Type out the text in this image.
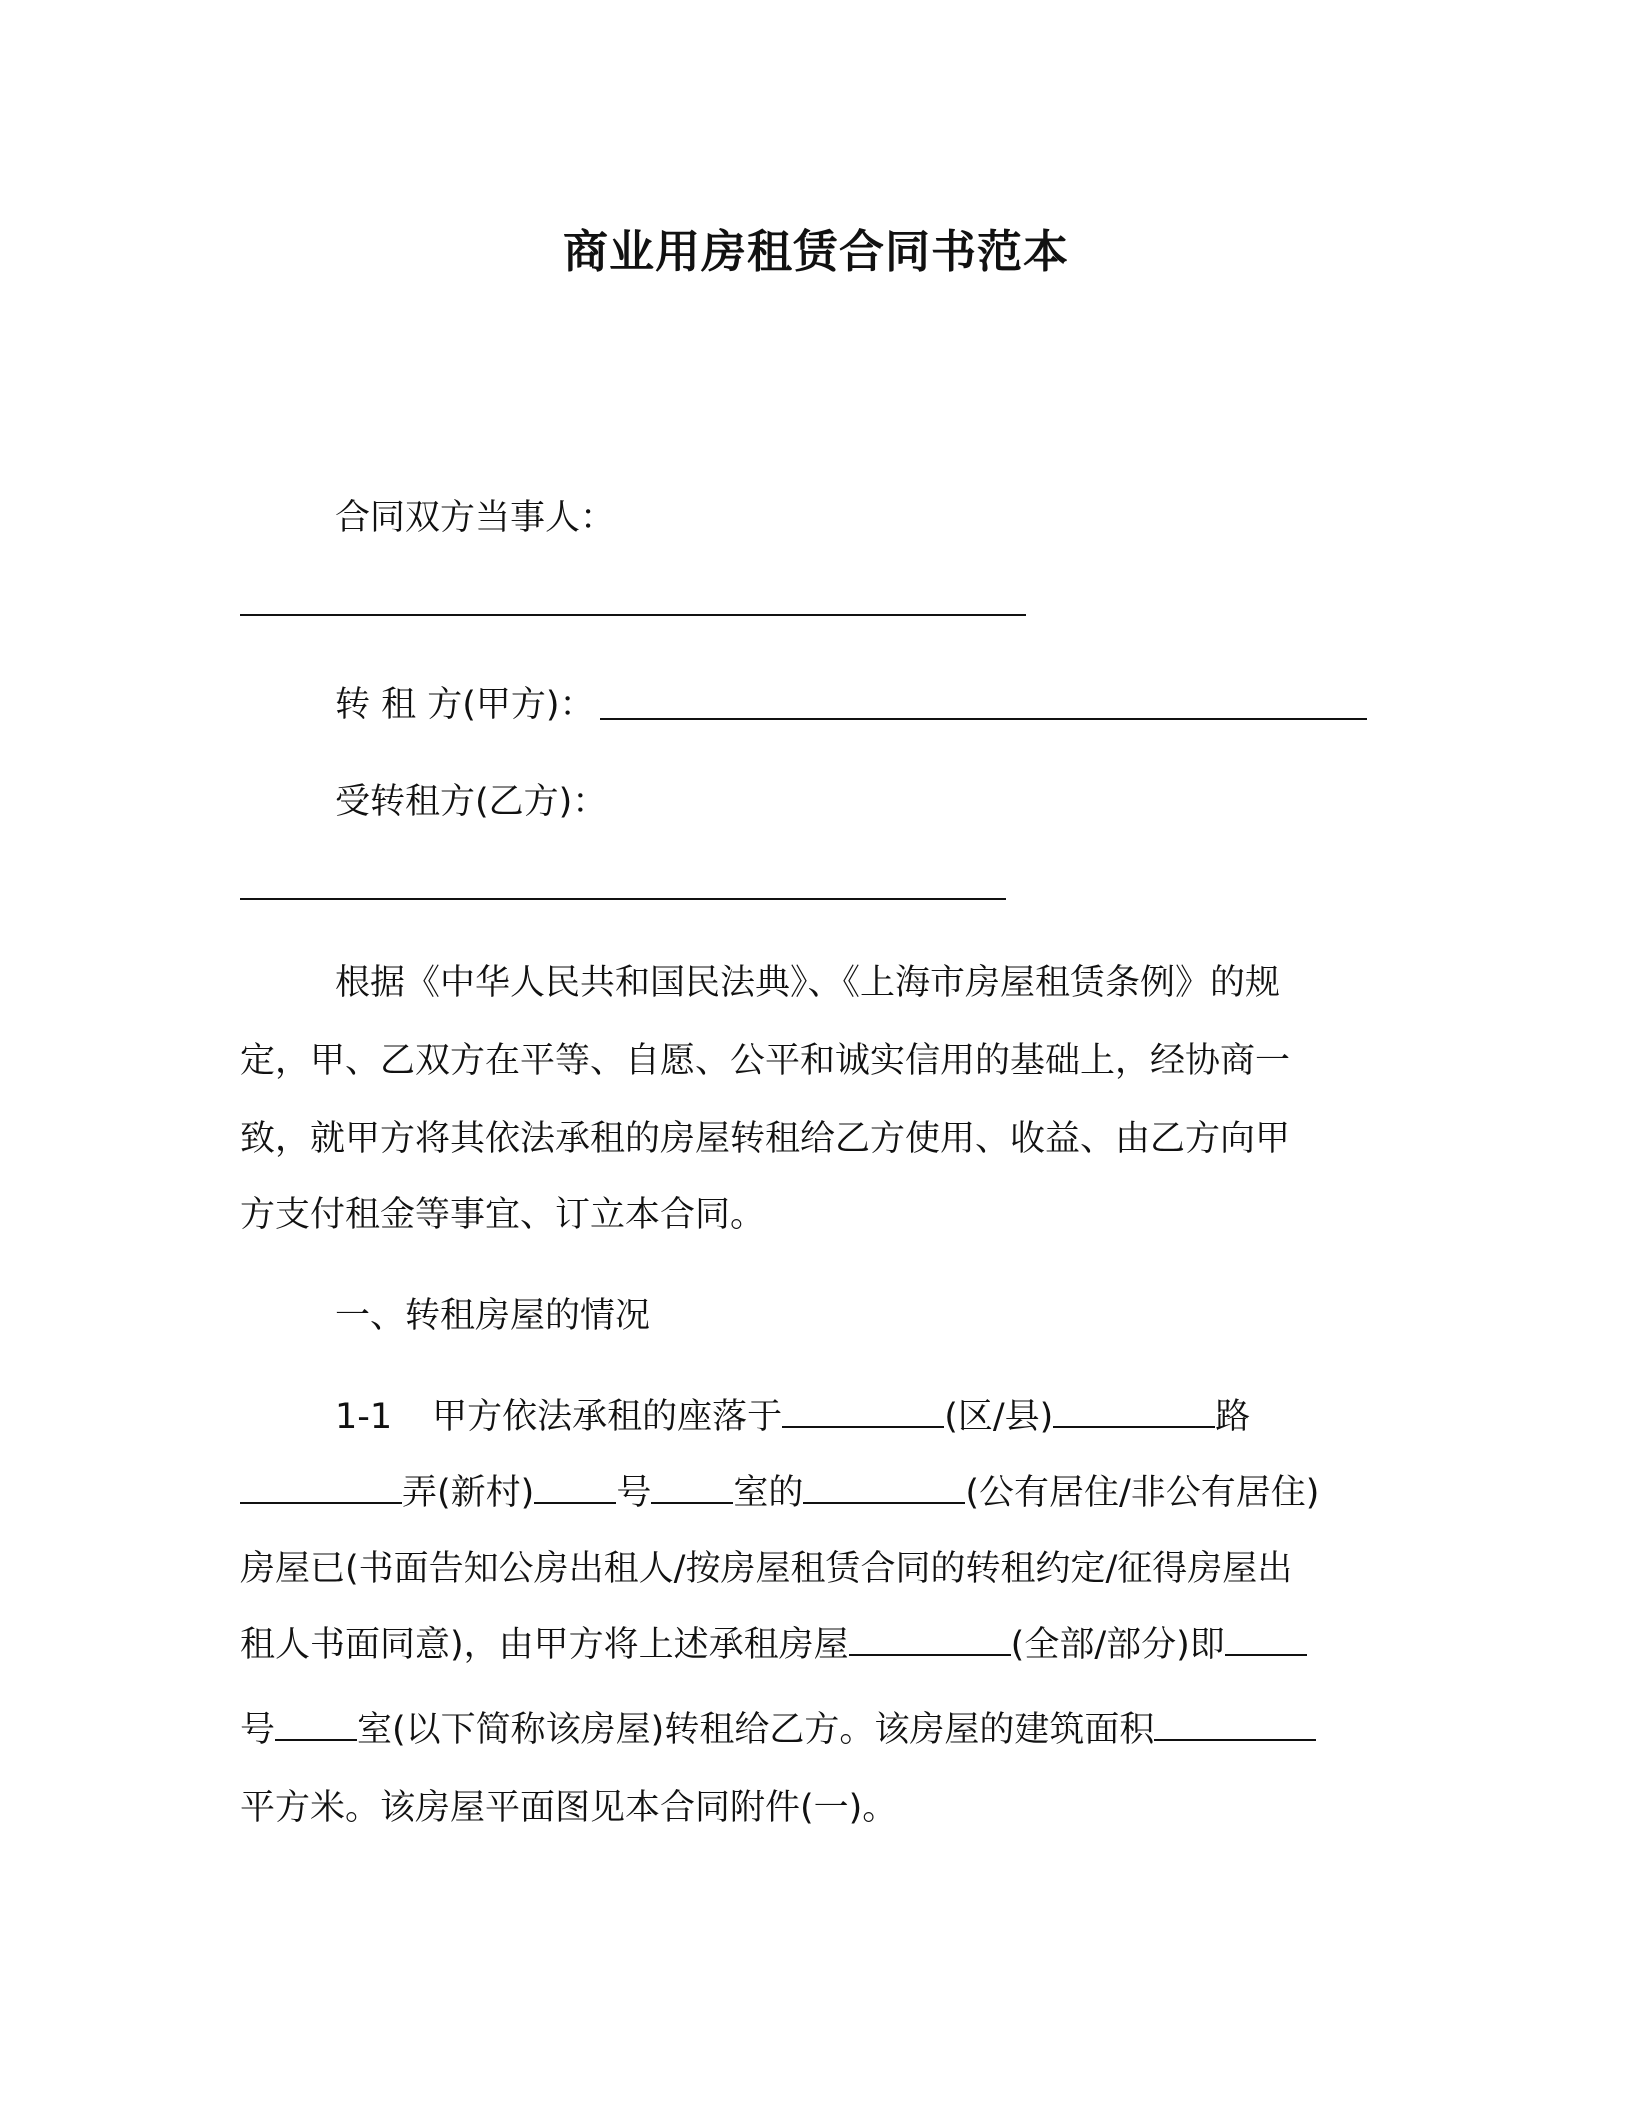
商业用房租赁合同书范本
合同双方当事人：
转 租 方(甲方)：
受转租方(乙方)：
根据《中华人民共和国民法典》、《上海市房屋租赁条例》的规
定，甲、乙双方在平等、自愿、公平和诚实信用的基础上，经协商一
致，就甲方将其依法承租的房屋转租给乙方使用、收益、由乙方向甲
方支付租金等事宜、订立本合同。
一、转租房屋的情况
1-1 甲方依法承租的座落于	(区/县)	路
弄(新村) 号 室的	(公有居住/非公有居住)
房屋已(书面告知公房出租人/按房屋租赁合同的转租约定/征得房屋出
租人书面同意)，由甲方将上述承租房屋	(全部/部分)即
号 室(以下简称该房屋)转租给乙方。该房屋的建筑面积
平方米。该房屋平面图见本合同附件(一)。
